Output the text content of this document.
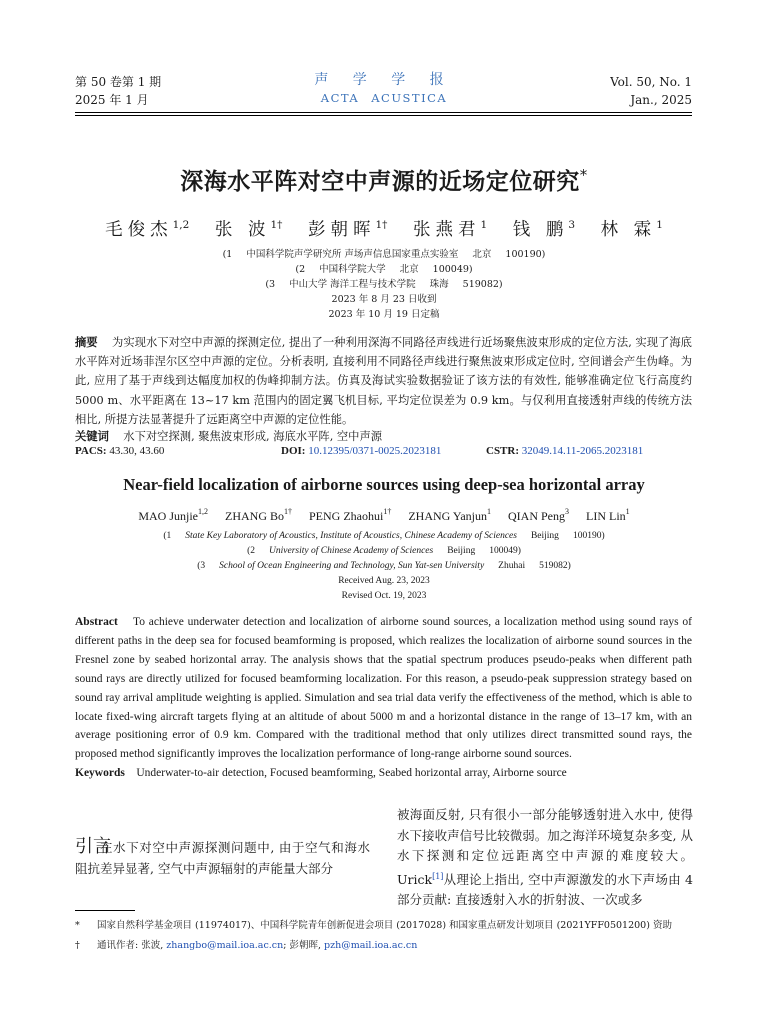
第 50 卷第 1 期
2025 年 1 月
声 学 学 报
ACTA ACUSTICA
Vol. 50, No. 1
Jan., 2025
深海水平阵对空中声源的近场定位研究*
毛俊杰$^{1,2}$ 张 波$^{1\dagger}$ 彭朝晖$^{1\dagger}$ 张燕君$^1$ 钱 鹏$^3$ 林 霖$^1$
(1 中国科学院声学研究所 声场声信息国家重点实验室 北京 100190)
(2 中国科学院大学 北京 100049)
(3 中山大学 海洋工程与技术学院 珠海 519082)
2023 年 8 月 23 日收到
2023 年 10 月 19 日定稿
摘要 为实现水下对空中声源的探测定位, 提出了一种利用深海不同路径声线进行近场聚焦波束形成的定位方法, 实现了海底水平阵对近场菲涅尔区空中声源的定位。分析表明, 直接利用不同路径声线进行聚焦波束形成定位时, 空间谱会产生伪峰。为此, 应用了基于声线到达幅度加权的伪峰抑制方法。仿真及海试实验数据验证了该方法的有效性, 能够准确定位飞行高度约 5000 m、水平距离在 13~17 km 范围内的固定翼飞机目标, 平均定位误差为 0.9 km。与仅利用直接透射声线的传统方法相比, 所提方法显著提升了远距离空中声源的定位性能。
关键词 水下对空探测, 聚焦波束形成, 海底水平阵, 空中声源
PACS: 43.30, 43.60	DOI: 10.12395/0371-0025.2023181	CSTR: 32049.14.11-2065.2023181
Near-field localization of airborne sources using deep-sea horizontal array
MAO Junjie$^{1,2}$ ZHANG $Bo^{1\dagger}$ PENG Zhaohui$^{1\dagger}$ ZHANG Yanjun$^1$ QIAN Peng$^3$ LIN Lin$^1$
(1 State Key Laboratory of Acoustics, Institute of Acoustics, Chinese Academy of Sciences Beijing 100190)
(2 University of Chinese Academy of Sciences Beijing 100049)
(3 School of Ocean Engineering and Technology, Sun Yat-sen University Zhuhai 519082)
Received Aug. 23, 2023
Revised Oct. 19, 2023
Abstract To achieve underwater detection and localization of airborne sound sources, a localization method using sound rays of different paths in the deep sea for focused beamforming is proposed, which realizes the localization of airborne sound sources in the Fresnel zone by seabed horizontal array. The analysis shows that the spatial spectrum produces pseudo-peaks when different path sound rays are directly utilized for focused beamforming localization. For this reason, a pseudo-peak suppression strategy based on sound ray arrival amplitude weighting is applied. Simulation and sea trial data verify the effectiveness of the method, which is able to locate fixed-wing aircraft targets flying at an altitude of about 5000 m and a horizontal distance in the range of 13–17 km, with an average positioning error of 0.9 km. Compared with the traditional method that only utilizes direct transmitted sound rays, the proposed method significantly improves the localization performance of long-range airborne sound sources.
Keywords Underwater-to-air detection, Focused beamforming, Seabed horizontal array, Airborne source
引言
在水下对空中声源探测问题中, 由于空气和海水阻抗差异显著, 空气中声源辐射的声能量大部分
被海面反射, 只有很小一部分能够透射进入水中, 使得水下接收声信号比较微弱。加之海洋环境复杂多变, 从水下探测和定位远距离空中声源的难度较大。Urick[1]从理论上指出, 空中声源激发的水下声场由 4 部分贡献: 直接透射入水的折射波、一次或多
*	国家自然科学基金项目 (11974017)、中国科学院青年创新促进会项目 (2017028) 和国家重点研发计划项目 (2021YFF0501200) 资助
†	通讯作者: 张波, zhangbo@mail.ioa.ac.cn; 彭朝晖, pzh@mail.ioa.ac.cn
